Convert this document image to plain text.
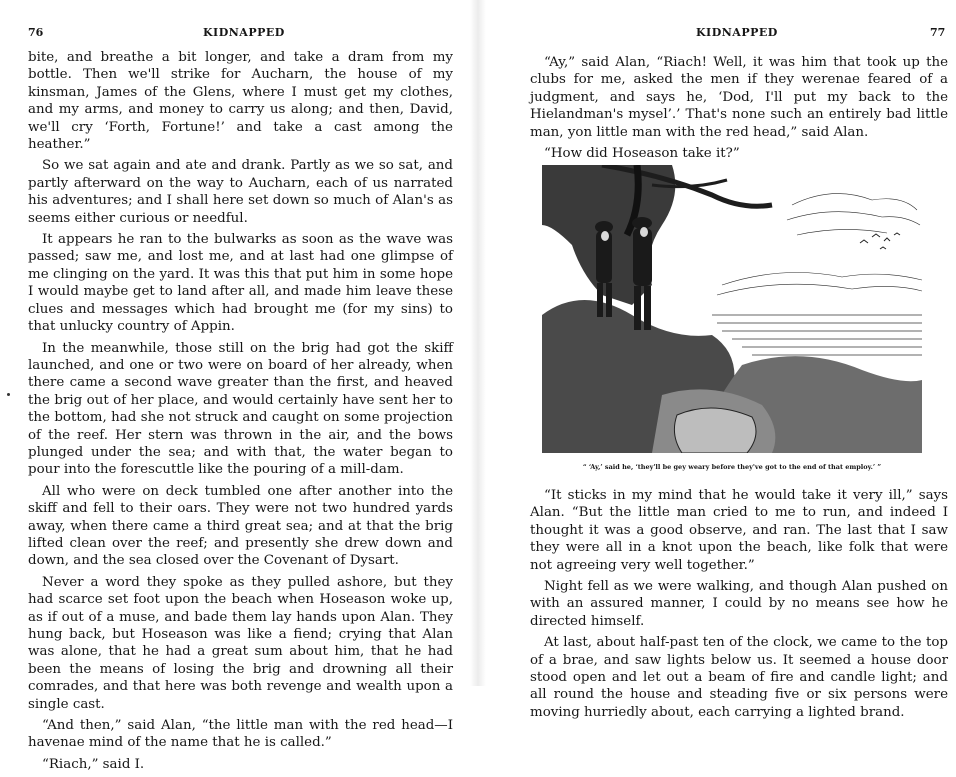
76	KIDNAPPED

bite, and breathe a bit longer, and take a dram from my bottle. Then we'll strike for Aucharn, the house of my kinsman, James of the Glens, where I must get my clothes, and my arms, and money to carry us along; and then, David, we'll cry ‘Forth, Fortune!’ and take a cast among the heather.”

So we sat again and ate and drank. Partly as we so sat, and partly afterward on the way to Aucharn, each of us narrated his adventures; and I shall here set down so much of Alan's as seems either curious or needful.

It appears he ran to the bulwarks as soon as the wave was passed; saw me, and lost me, and at last had one glimpse of me clinging on the yard. It was this that put him in some hope I would maybe get to land after all, and made him leave these clues and messages which had brought me (for my sins) to that unlucky country of Appin.

In the meanwhile, those still on the brig had got the skiff launched, and one or two were on board of her already, when there came a second wave greater than the first, and heaved the brig out of her place, and would certainly have sent her to the bottom, had she not struck and caught on some projection of the reef. Her stern was thrown in the air, and the bows plunged under the sea; and with that, the water began to pour into the forescuttle like the pouring of a mill-dam.

All who were on deck tumbled one after another into the skiff and fell to their oars. They were not two hundred yards away, when there came a third great sea; and at that the brig lifted clean over the reef; and presently she drew down and down, and the sea closed over the Covenant of Dysart.

Never a word they spoke as they pulled ashore, but they had scarce set foot upon the beach when Hoseason woke up, as if out of a muse, and bade them lay hands upon Alan. They hung back, but Hoseason was like a fiend; crying that Alan was alone, that he had a great sum about him, that he had been the means of losing the brig and drowning all their comrades, and that here was both revenge and wealth upon a single cast.

“And then,” said Alan, “the little man with the red head—I havenae mind of the name that he is called.”

“Riach,” said I.

KIDNAPPED	77

“Ay,” said Alan, “Riach! Well, it was him that took up the clubs for me, asked the men if they werenae feared of a judgment, and says he, ‘Dod, I'll put my back to the Hielandman's mysel’.’ That's none such an entirely bad little man, yon little man with the red head,” said Alan.

“How did Hoseason take it?”

“ ‘Ay,’ said he, ‘they'll be gey weary before they've got to the end of that employ.’ ”

“It sticks in my mind that he would take it very ill,” says Alan. “But the little man cried to me to run, and indeed I thought it was a good observe, and ran. The last that I saw they were all in a knot upon the beach, like folk that were not agreeing very well together.”

Night fell as we were walking, and though Alan pushed on with an assured manner, I could by no means see how he directed himself.

At last, about half-past ten of the clock, we came to the top of a brae, and saw lights below us. It seemed a house door stood open and let out a beam of fire and candle light; and all round the house and steading five or six persons were moving hurriedly about, each carrying a lighted brand.
